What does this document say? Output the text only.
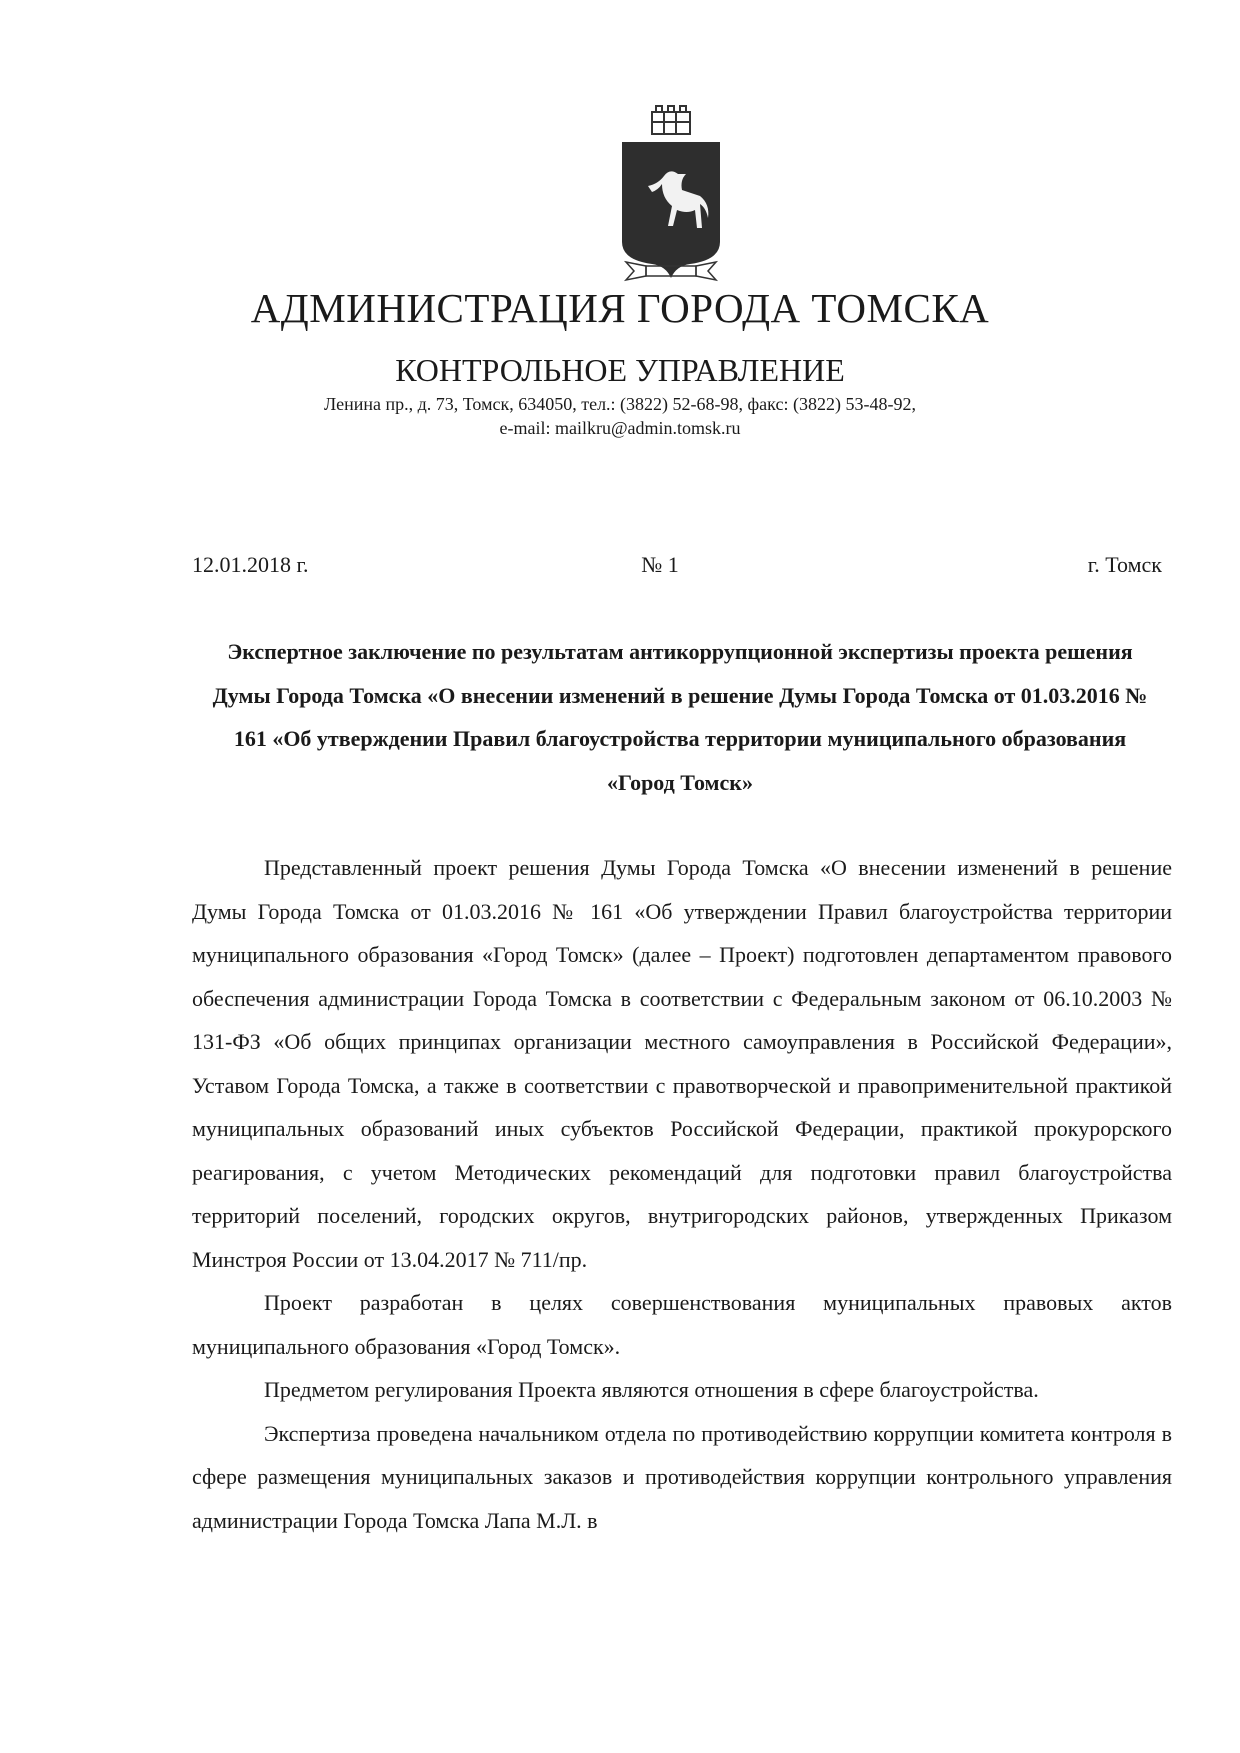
АДМИНИСТРАЦИЯ ГОРОДА ТОМСКА
КОНТРОЛЬНОЕ УПРАВЛЕНИЕ
Ленина пр., д. 73, Томск, 634050, тел.: (3822) 52-68-98, факс: (3822) 53-48-92,
e-mail: mailkru@admin.tomsk.ru
12.01.2018 г.	№ 1	г. Томск
Экспертное заключение по результатам антикоррупционной экспертизы проекта решения Думы Города Томска «О внесении изменений в решение Думы Города Томска от 01.03.2016 № 161 «Об утверждении Правил благоустройства территории муниципального образования «Город Томск»

Представленный проект решения Думы Города Томска «О внесении изменений в решение Думы Города Томска от 01.03.2016 № 161 «Об утверждении Правил благоустройства территории муниципального образования «Город Томск» (далее – Проект) подготовлен департаментом правового обеспечения администрации Города Томска в соответствии с Федеральным законом от 06.10.2003 № 131-ФЗ «Об общих принципах организации местного самоуправления в Российской Федерации», Уставом Города Томска, а также в соответствии с правотворческой и правоприменительной практикой муниципальных образований иных субъектов Российской Федерации, практикой прокурорского реагирования, с учетом Методических рекомендаций для подготовки правил благоустройства территорий поселений, городских округов, внутригородских районов, утвержденных Приказом Минстроя России от 13.04.2017 № 711/пр.

Проект разработан в целях совершенствования муниципальных правовых актов муниципального образования «Город Томск».

Предметом регулирования Проекта являются отношения в сфере благоустройства.

Экспертиза проведена начальником отдела по противодействию коррупции комитета контроля в сфере размещения муниципальных заказов и противодействия коррупции контрольного управления администрации Города Томска Лапа М.Л. в
